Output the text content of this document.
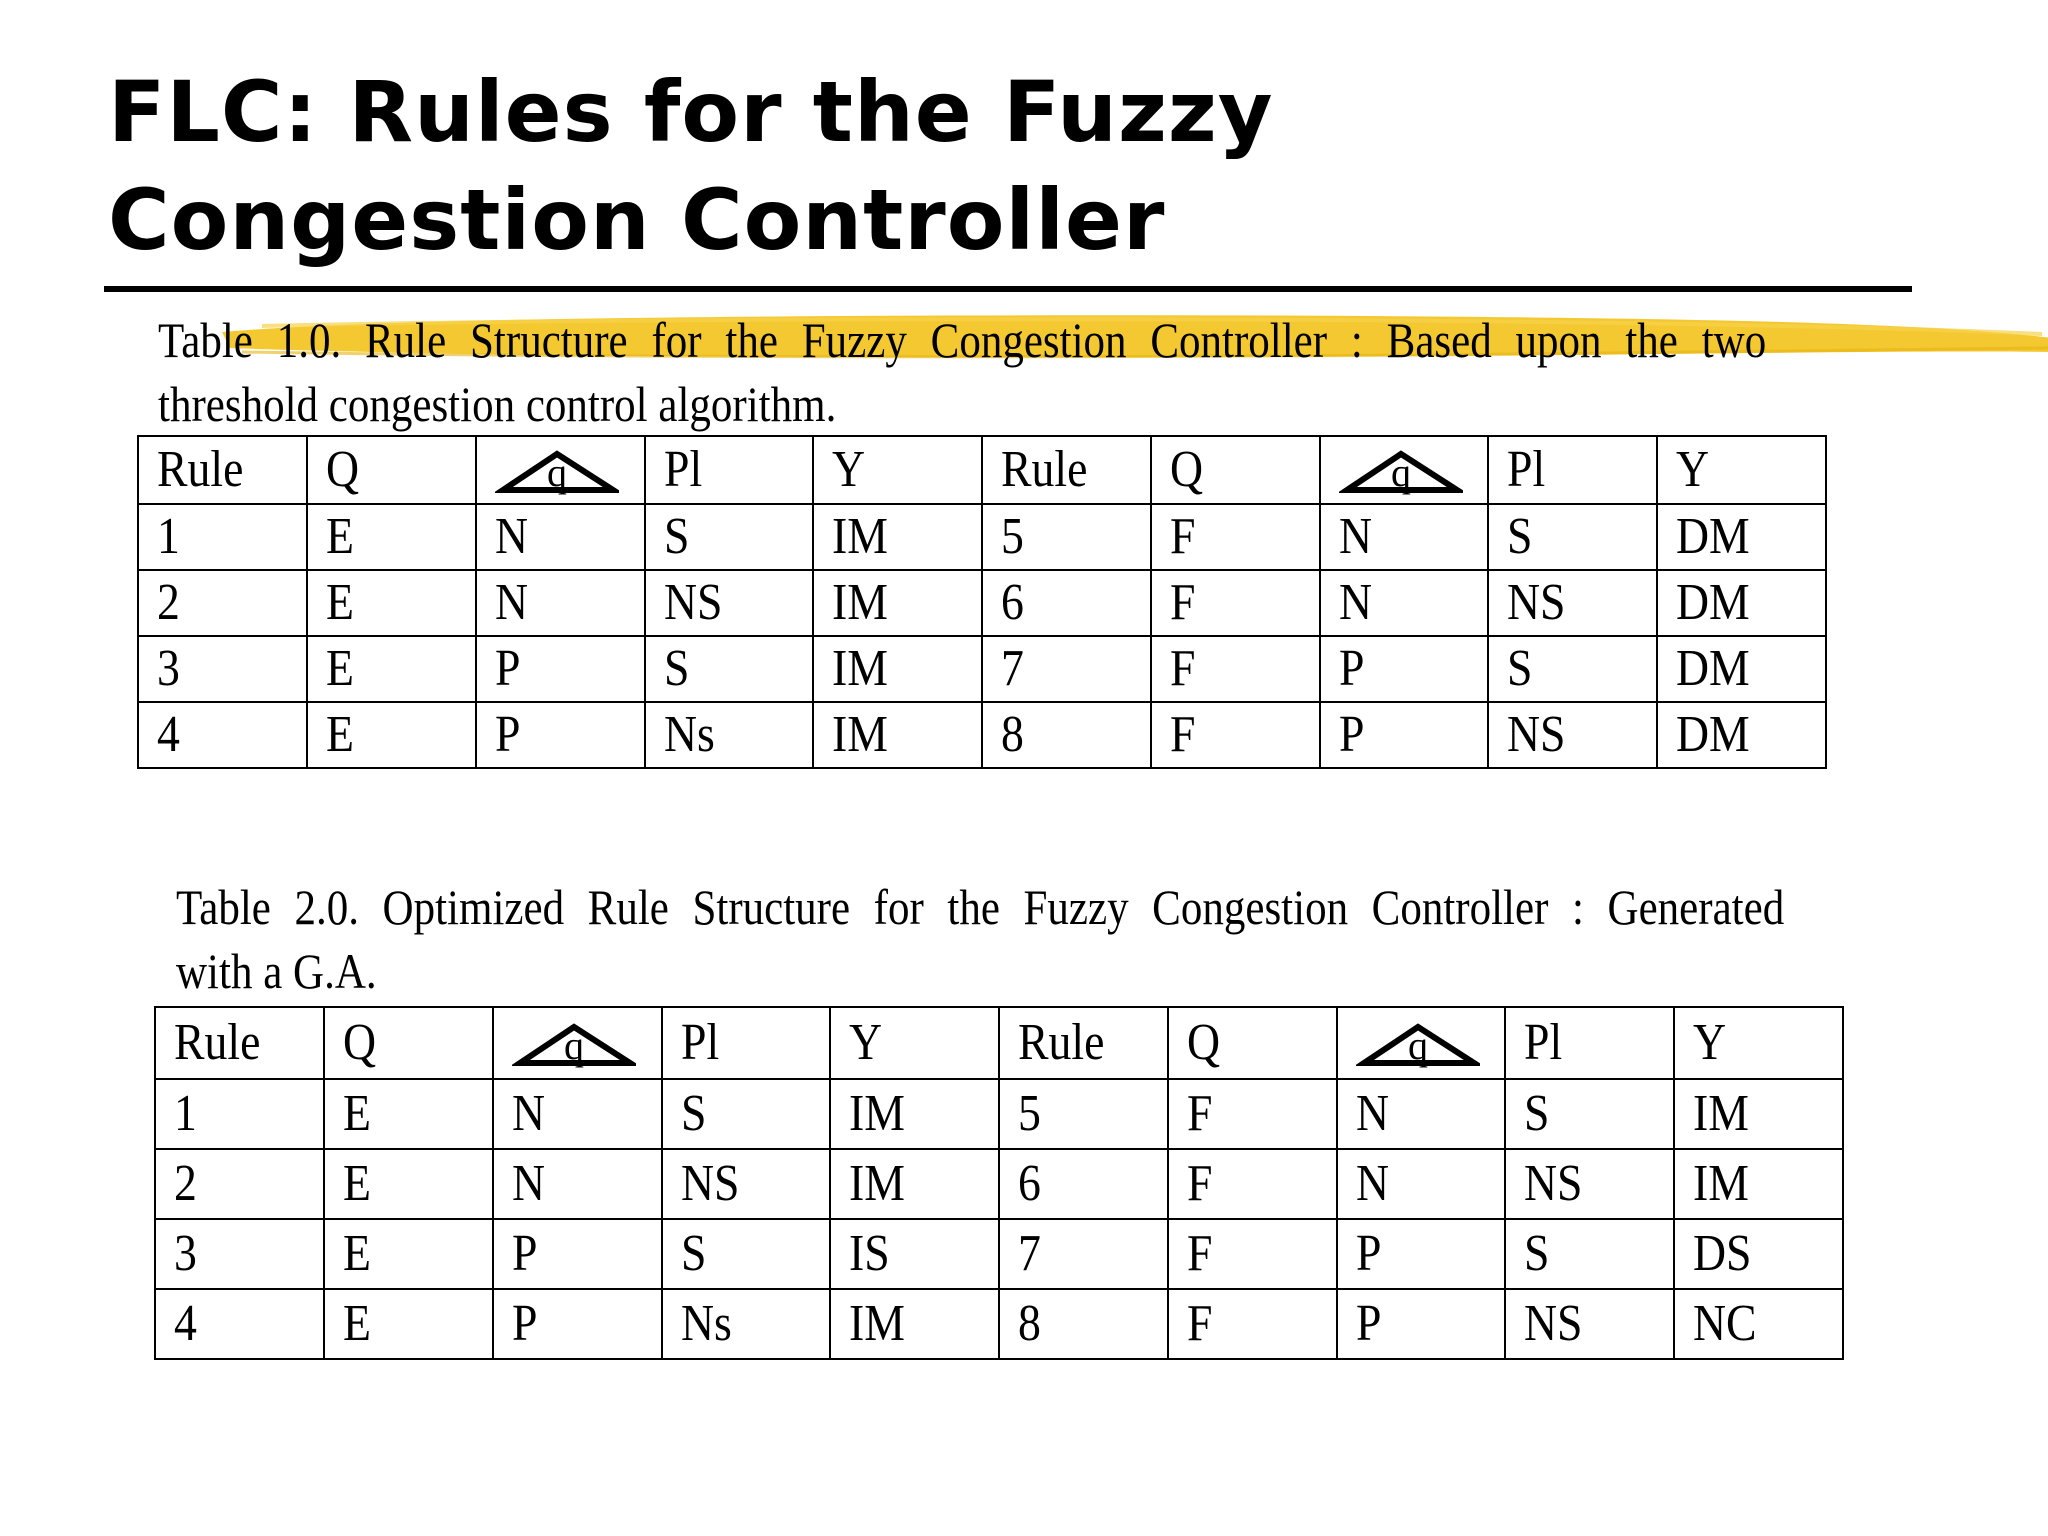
FLC: Rules for the Fuzzy
Congestion Controller
Table 1.0. Rule Structure for the Fuzzy Congestion Controller : Based upon the two
threshold congestion control algorithm.
Rule	Q	q	Pl	Y	Rule	Q	q	Pl	Y
1	E	N	S	IM	5	F	N	S	DM
2	E	N	NS	IM	6	F	N	NS	DM
3	E	P	S	IM	7	F	P	S	DM
4	E	P	Ns	IM	8	F	P	NS	DM
Table 2.0. Optimized Rule Structure for the Fuzzy Congestion Controller : Generated
with a G.A.
Rule	Q	q	Pl	Y	Rule	Q	q	Pl	Y
1	E	N	S	IM	5	F	N	S	IM
2	E	N	NS	IM	6	F	N	NS	IM
3	E	P	S	IS	7	F	P	S	DS
4	E	P	Ns	IM	8	F	P	NS	NC
